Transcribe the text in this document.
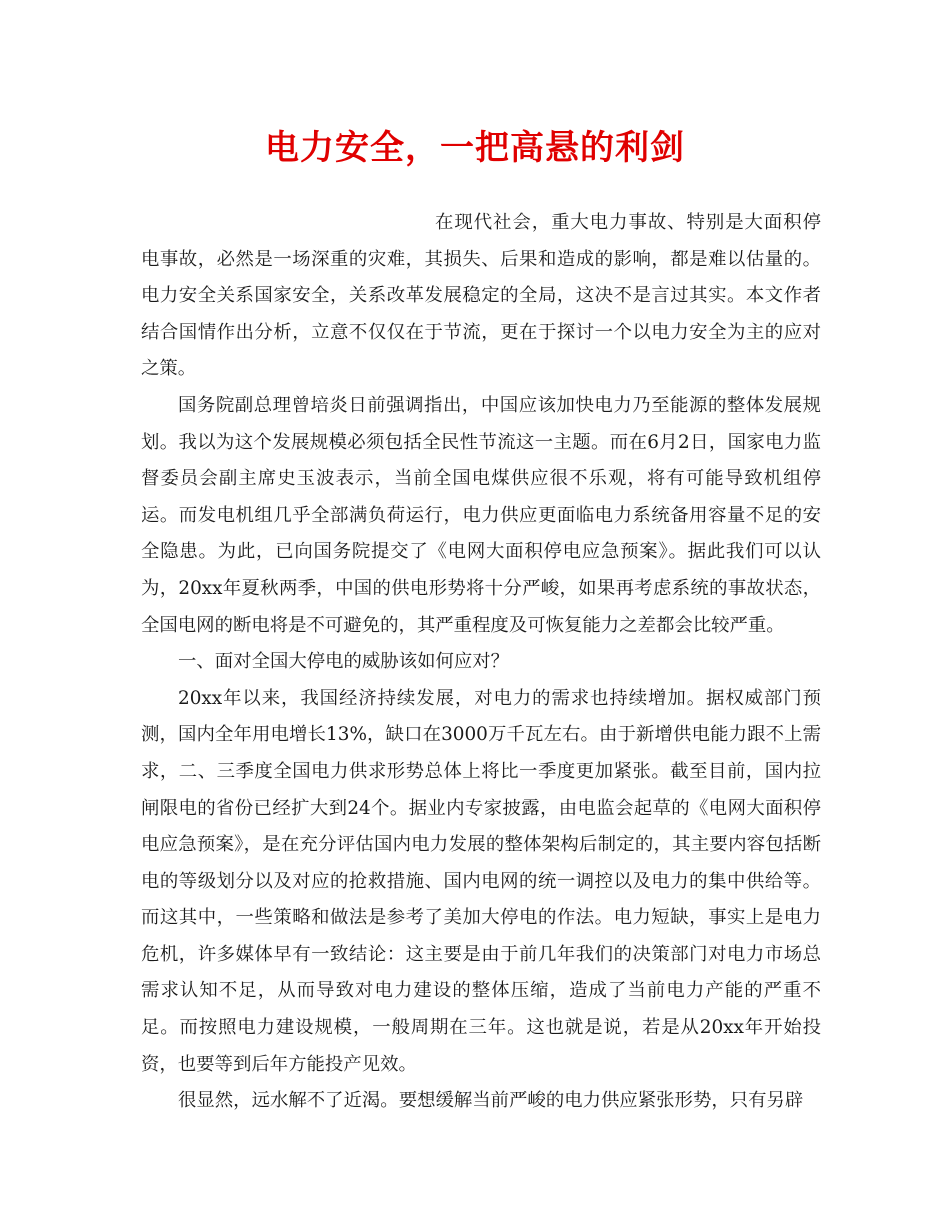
电力安全，一把高悬的利剑

在现代社会，重大电力事故、特别是大面积停电事故，必然是一场深重的灾难，其损失、后果和造成的影响，都是难以估量的。电力安全关系国家安全，关系改革发展稳定的全局，这决不是言过其实。本文作者结合国情作出分析，立意不仅仅在于节流，更在于探讨一个以电力安全为主的应对之策。

国务院副总理曾培炎日前强调指出，中国应该加快电力乃至能源的整体发展规划。我以为这个发展规模必须包括全民性节流这一主题。而在6月2日，国家电力监督委员会副主席史玉波表示，当前全国电煤供应很不乐观，将有可能导致机组停运。而发电机组几乎全部满负荷运行，电力供应更面临电力系统备用容量不足的安全隐患。为此，已向国务院提交了《电网大面积停电应急预案》。据此我们可以认为，20xx年夏秋两季，中国的供电形势将十分严峻，如果再考虑系统的事故状态，全国电网的断电将是不可避免的，其严重程度及可恢复能力之差都会比较严重。

一、面对全国大停电的威胁该如何应对？

20xx年以来，我国经济持续发展，对电力的需求也持续增加。据权威部门预测，国内全年用电增长13%，缺口在3000万千瓦左右。由于新增供电能力跟不上需求，二、三季度全国电力供求形势总体上将比一季度更加紧张。截至目前，国内拉闸限电的省份已经扩大到24个。据业内专家披露，由电监会起草的《电网大面积停电应急预案》，是在充分评估国内电力发展的整体架构后制定的，其主要内容包括断电的等级划分以及对应的抢救措施、国内电网的统一调控以及电力的集中供给等。而这其中，一些策略和做法是参考了美加大停电的作法。电力短缺，事实上是电力危机，许多媒体早有一致结论：这主要是由于前几年我们的决策部门对电力市场总需求认知不足，从而导致对电力建设的整体压缩，造成了当前电力产能的严重不足。而按照电力建设规模，一般周期在三年。这也就是说，若是从20xx年开始投资，也要等到后年方能投产见效。

很显然，远水解不了近渴。要想缓解当前严峻的电力供应紧张形势，只有另辟
